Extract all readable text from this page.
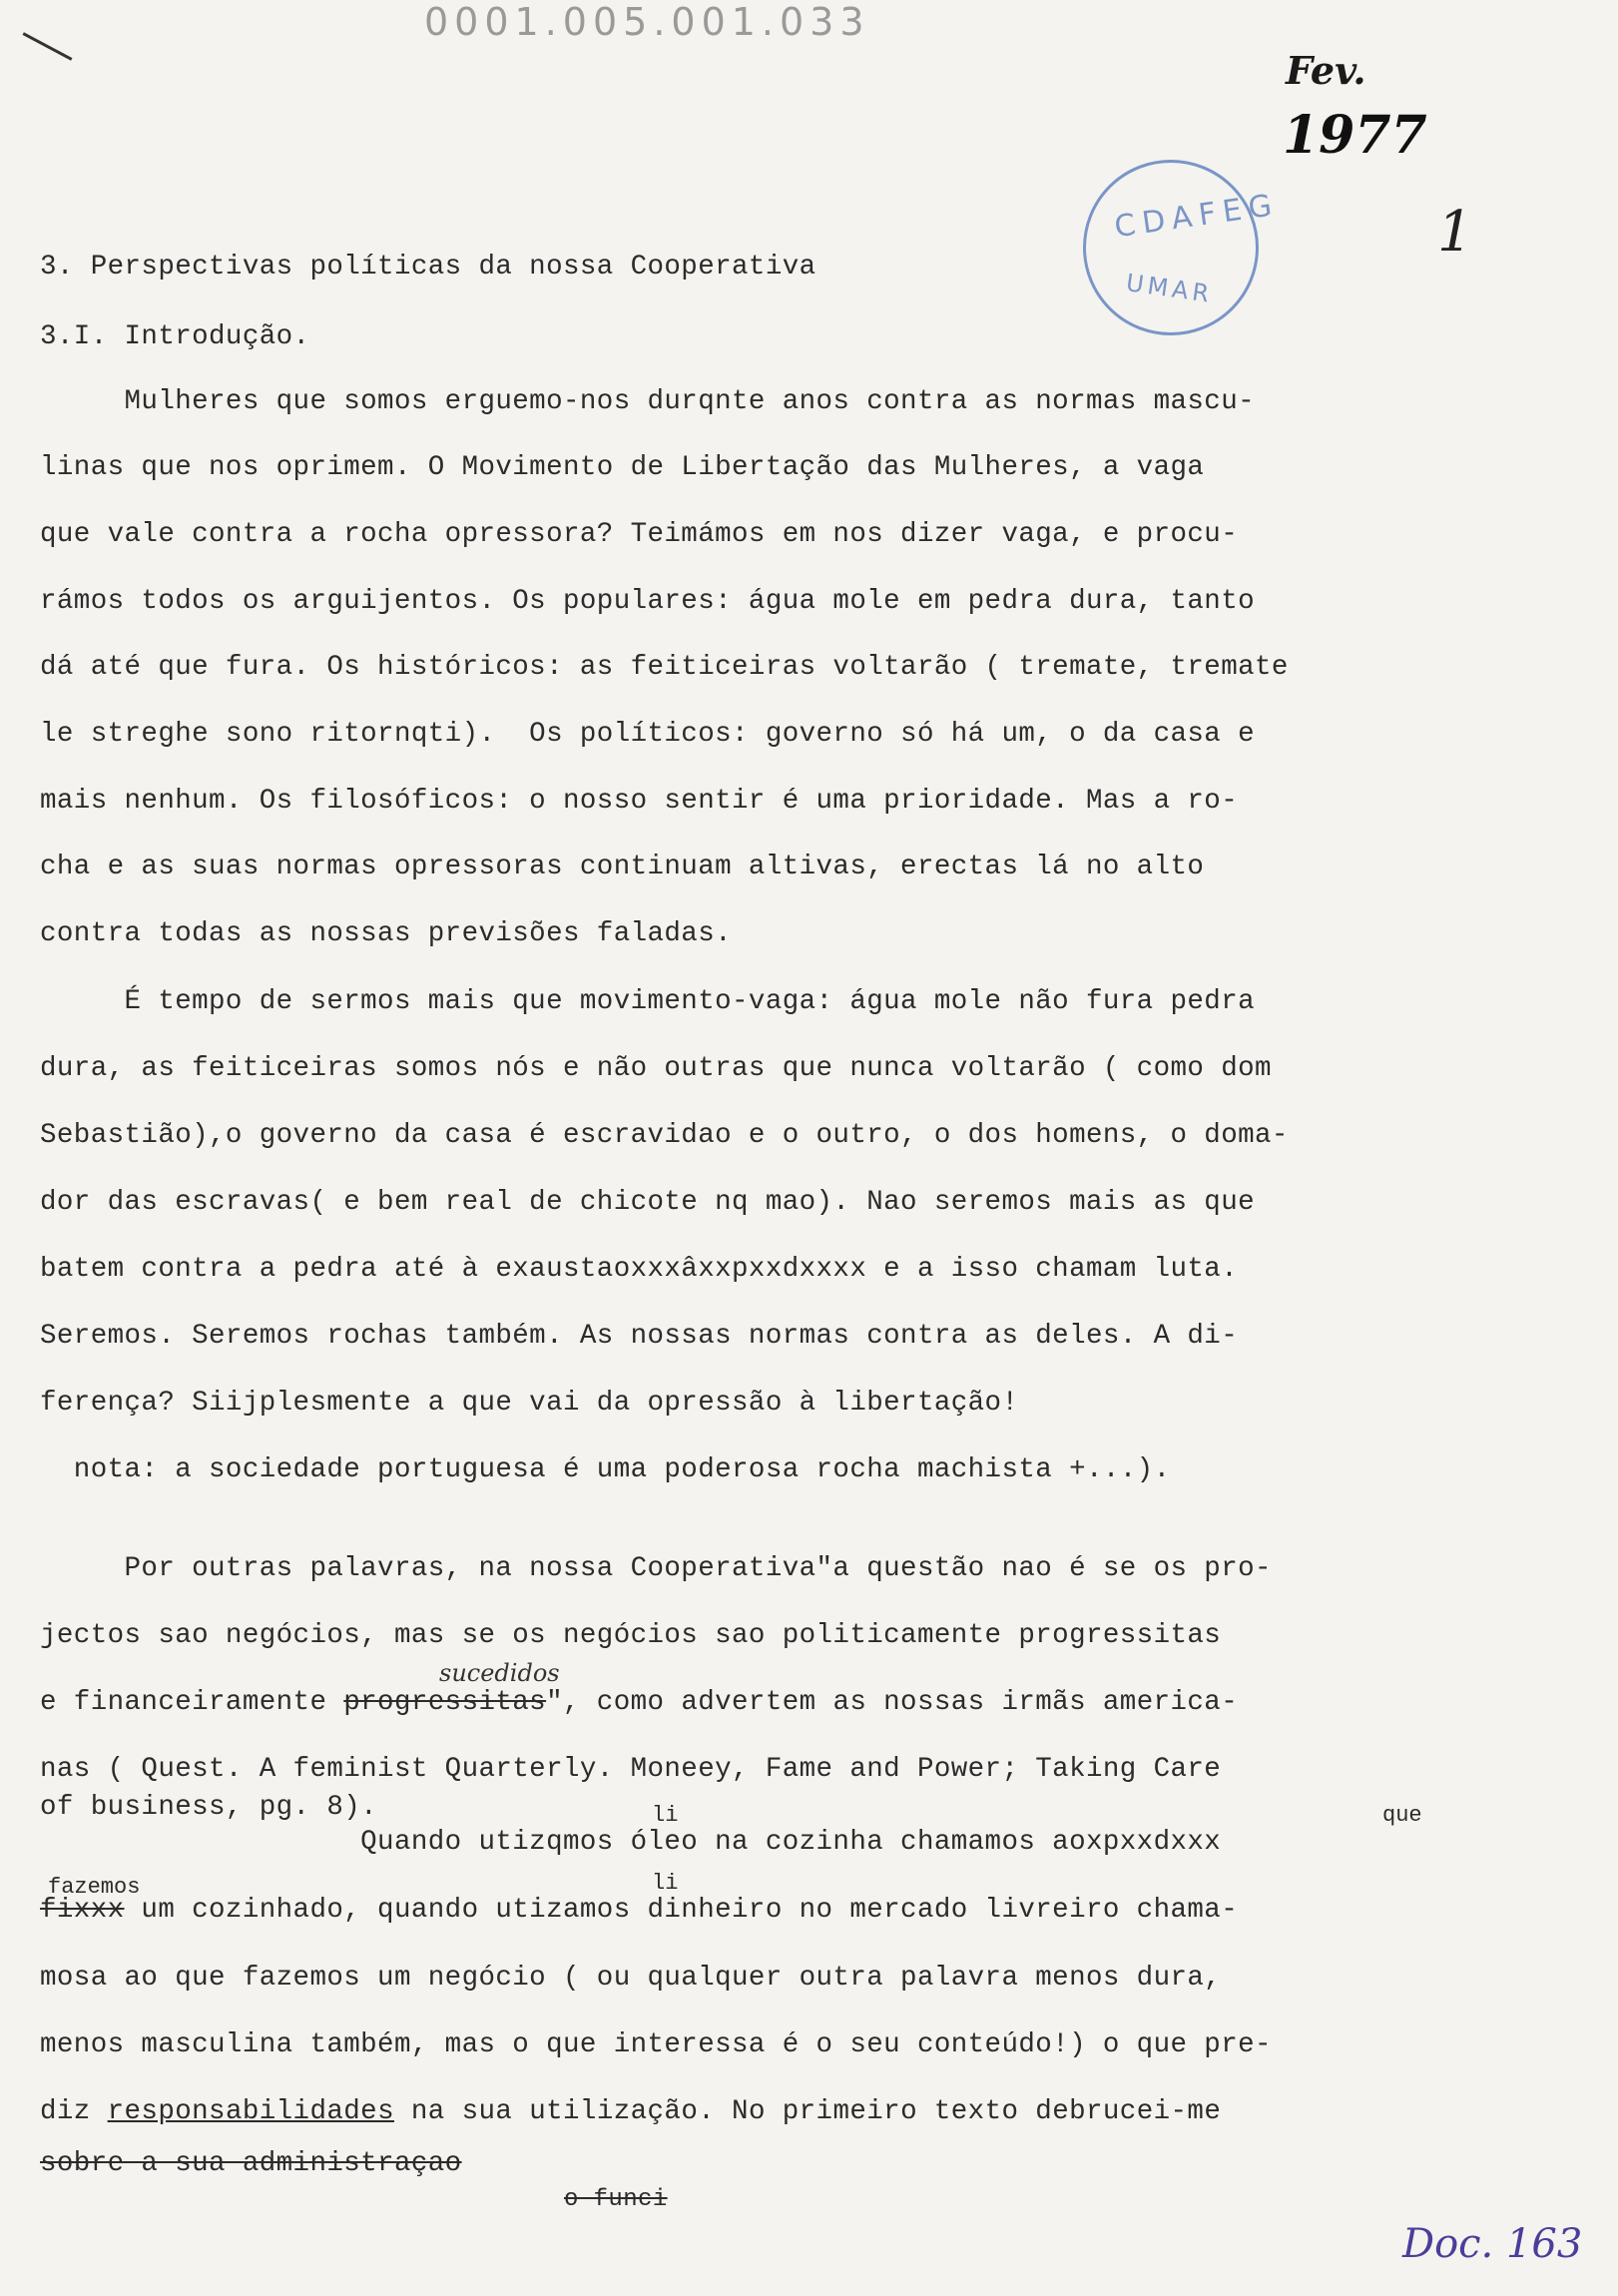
0001.005.001.033
Fev.
1977
CDAFEG
UMAR
1
3. Perspectivas políticas da nossa Cooperativa
3.I. Introdução.
Mulheres que somos erguemo-nos durqnte anos contra as normas mascu-
linas que nos oprimem. O Movimento de Libertação das Mulheres, a vaga
que vale contra a rocha opressora? Teimámos em nos dizer vaga, e procu-
rámos todos os arguijentos. Os populares: água mole em pedra dura, tanto
dá até que fura. Os históricos: as feiticeiras voltarão ( tremate, tremate
le streghe sono ritornqti).  Os políticos: governo só há um, o da casa e
mais nenhum. Os filosóficos: o nosso sentir é uma prioridade. Mas a ro-
cha e as suas normas opressoras continuam altivas, erectas lá no alto
contra todas as nossas previsões faladas.
É tempo de sermos mais que movimento-vaga: água mole não fura pedra
dura, as feiticeiras somos nós e não outras que nunca voltarão ( como dom
Sebastião),o governo da casa é escravidao e o outro, o dos homens, o doma-
dor das escravas( e bem real de chicote nq mao). Nao seremos mais as que
batem contra a pedra até à exaustaoxxxâxxpxxdxxxx e a isso chamam luta.
Seremos. Seremos rochas também. As nossas normas contra as deles. A di-
ferença? Siijplesmente a que vai da opressão à libertação!
nota: a sociedade portuguesa é uma poderosa rocha machista +...).
Por outras palavras, na nossa Cooperativa"a questão nao é se os pro-
jectos sao negócios, mas se os negócios sao politicamente progressitas
sucedidos
e financeiramente progressitas", como advertem as nossas irmãs america-
nas ( Quest. A feminist Quarterly. Moneey, Fame and Power; Taking Care
of business, pg. 8).	li	que
Quando utizqmos óleo na cozinha chamamos aoxpxxdxxx
fazemos	li
fixxx um cozinhado, quando utizamos dinheiro no mercado livreiro chama-
mosa ao que fazemos um negócio ( ou qualquer outra palavra menos dura,
menos masculina também, mas o que interessa é o seu conteúdo!) o que pre-
diz responsabilidades na sua utilização. No primeiro texto debrucei-me
sobre a sua administraçao
o funci
Doc. 163
